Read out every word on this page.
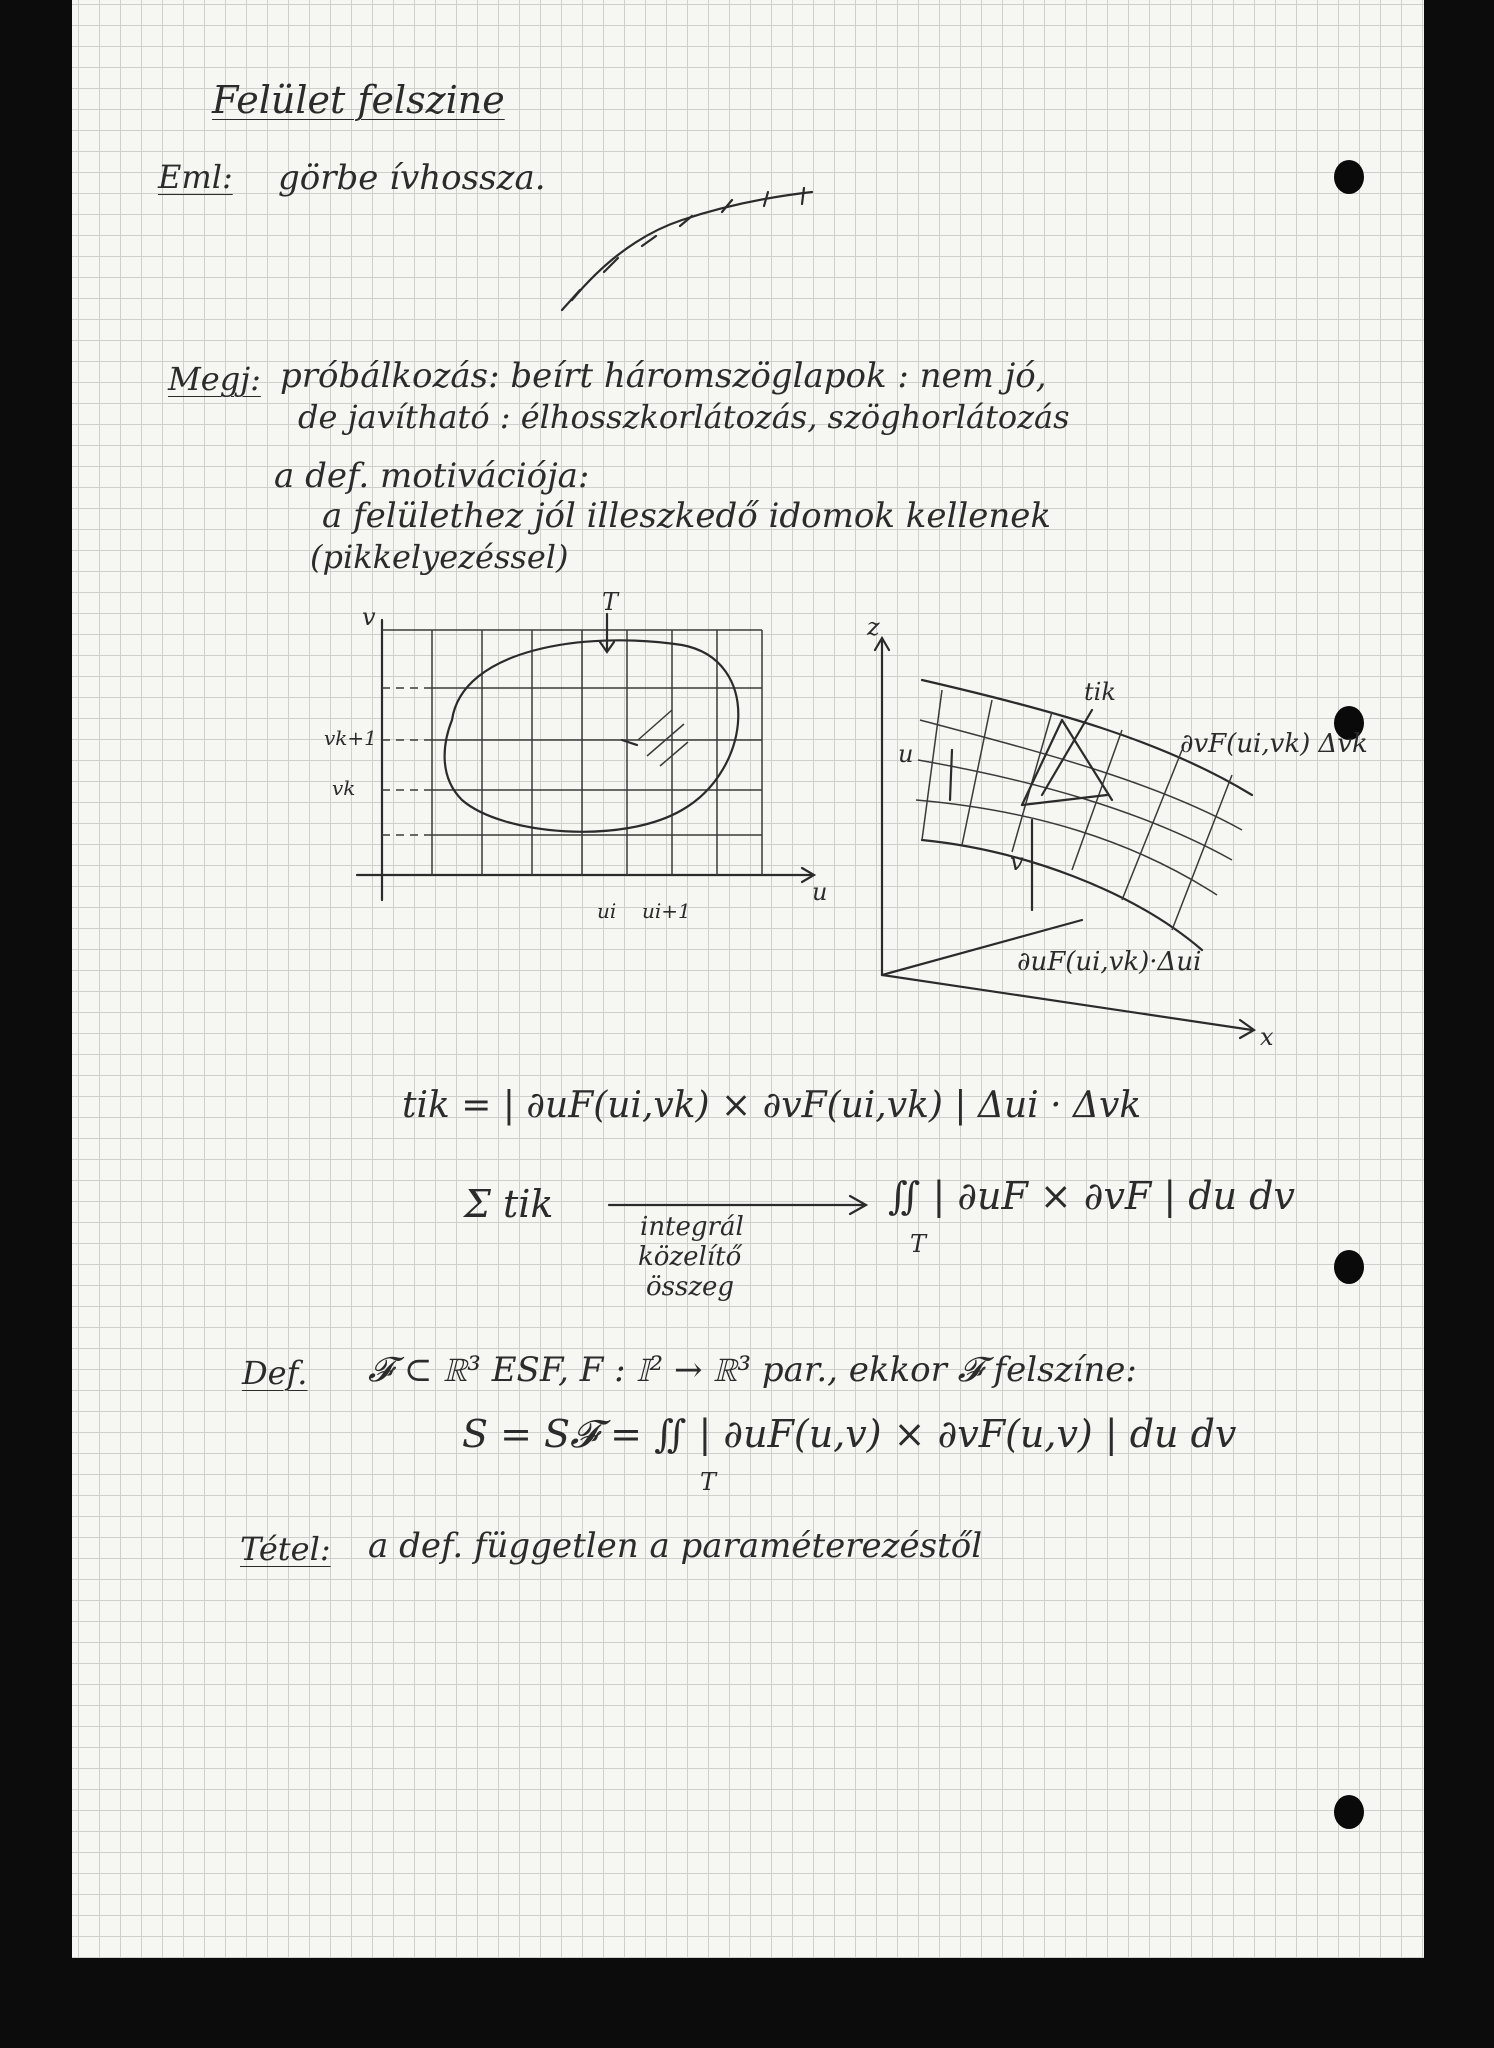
Felület felszine
Eml: görbe ívhossza.
Megj: próbálkozás: beírt háromszöglapok : nem jó,
de javítható : élhosszkorlátozás, szöghorlátozás
a def. motivációja:
a felülethez jól illeszkedő idomok kellenek
(pikkelyezéssel)
v
u
T
vk+1
vk
ui ui+1
z
x
tik
u
v
∂vF(ui,vk) Δvk
∂uF(ui,vk)·Δui
tik = | ∂uF(ui,vk) × ∂vF(ui,vk) | Δui · Δvk
Σ tik
integrál
közelítő
összeg
∬ | ∂uF × ∂vF | du dv
T
Def. 𝓕 ⊂ ℝ³ ESF, F : 𝕀² → ℝ³ par., ekkor 𝓕 felszíne:
S = S𝓕 = ∬ | ∂uF(u,v) × ∂vF(u,v) | du dv
T
Tétel: a def. független a paraméterezéstől
